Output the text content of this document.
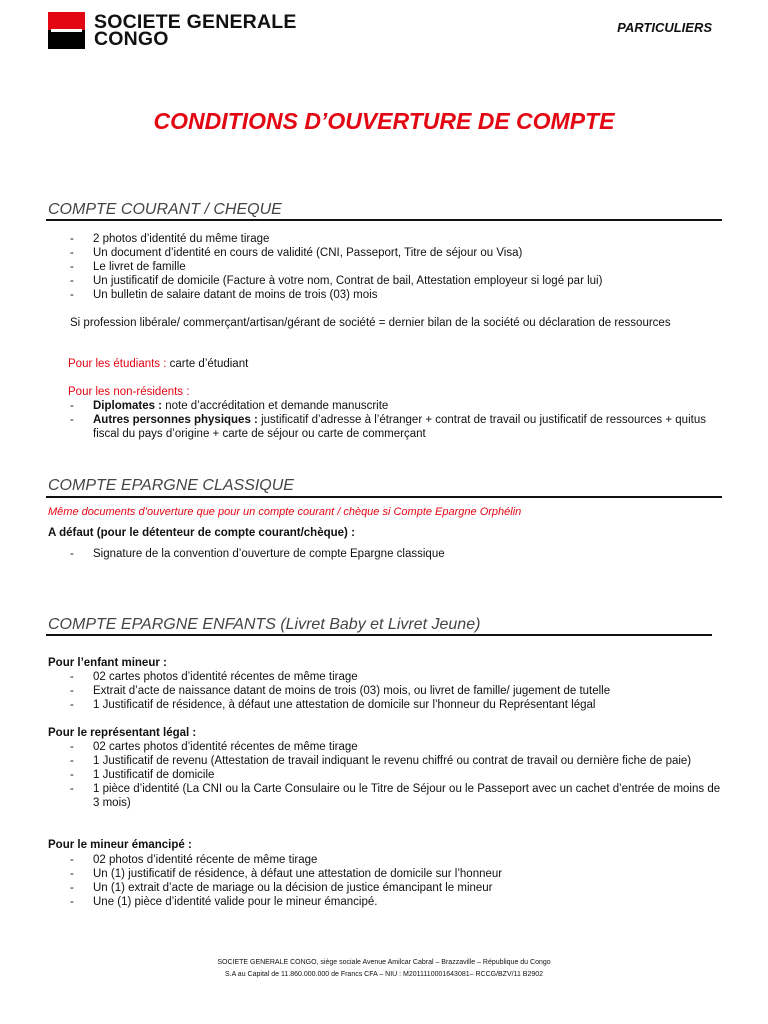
SOCIETE GENERALE
CONGO
PARTICULIERS
CONDITIONS D’OUVERTURE DE COMPTE
COMPTE COURANT / CHEQUE
- 2 photos d’identité du même tirage
- Un document d’identité en cours de validité (CNI, Passeport, Titre de séjour ou Visa)
- Le livret de famille
- Un justificatif de domicile (Facture à votre nom, Contrat de bail, Attestation employeur si logé par lui)
- Un bulletin de salaire datant de moins de trois (03) mois
Si profession libérale/ commerçant/artisan/gérant de société = dernier bilan de la société ou déclaration de ressources
Pour les étudiants : carte d’étudiant
Pour les non-résidents :
- Diplomates : note d’accréditation et demande manuscrite
- Autres personnes physiques : justificatif d’adresse à l’étranger + contrat de travail ou justificatif de ressources + quitus fiscal du pays d’origine + carte de séjour ou carte de commerçant
COMPTE EPARGNE CLASSIQUE
Même documents d’ouverture que pour un compte courant / chèque si Compte Epargne Orphélin
A défaut (pour le détenteur de compte courant/chèque) :
- Signature de la convention d’ouverture de compte Epargne classique
COMPTE EPARGNE ENFANTS (Livret Baby et Livret Jeune)
Pour l’enfant mineur :
- 02 cartes photos d’identité récentes de même tirage
- Extrait d’acte de naissance datant de moins de trois (03) mois, ou livret de famille/ jugement de tutelle
- 1 Justificatif de résidence, à défaut une attestation de domicile sur l’honneur du Représentant légal
Pour le représentant légal :
- 02 cartes photos d’identité récentes de même tirage
- 1 Justificatif de revenu (Attestation de travail indiquant le revenu chiffré ou contrat de travail ou dernière fiche de paie)
- 1 Justificatif de domicile
- 1 pièce d’identité (La CNI ou la Carte Consulaire ou le Titre de Séjour ou le Passeport avec un cachet d’entrée de moins de 3 mois)
Pour le mineur émancipé :
- 02 photos d’identité récente de même tirage
- Un (1) justificatif de résidence, à défaut une attestation de domicile sur l’honneur
- Un (1) extrait d’acte de mariage ou la décision de justice émancipant le mineur
- Une (1) pièce d’identité valide pour le mineur émancipé.
SOCIETE GENERALE CONGO, siège sociale Avenue Amilcar Cabral – Brazzaville – République du Congo
S.A au Capital de 11.860.000.000 de Francs CFA – NIU : M2011110001643081– RCCG/BZV/11 B2902
